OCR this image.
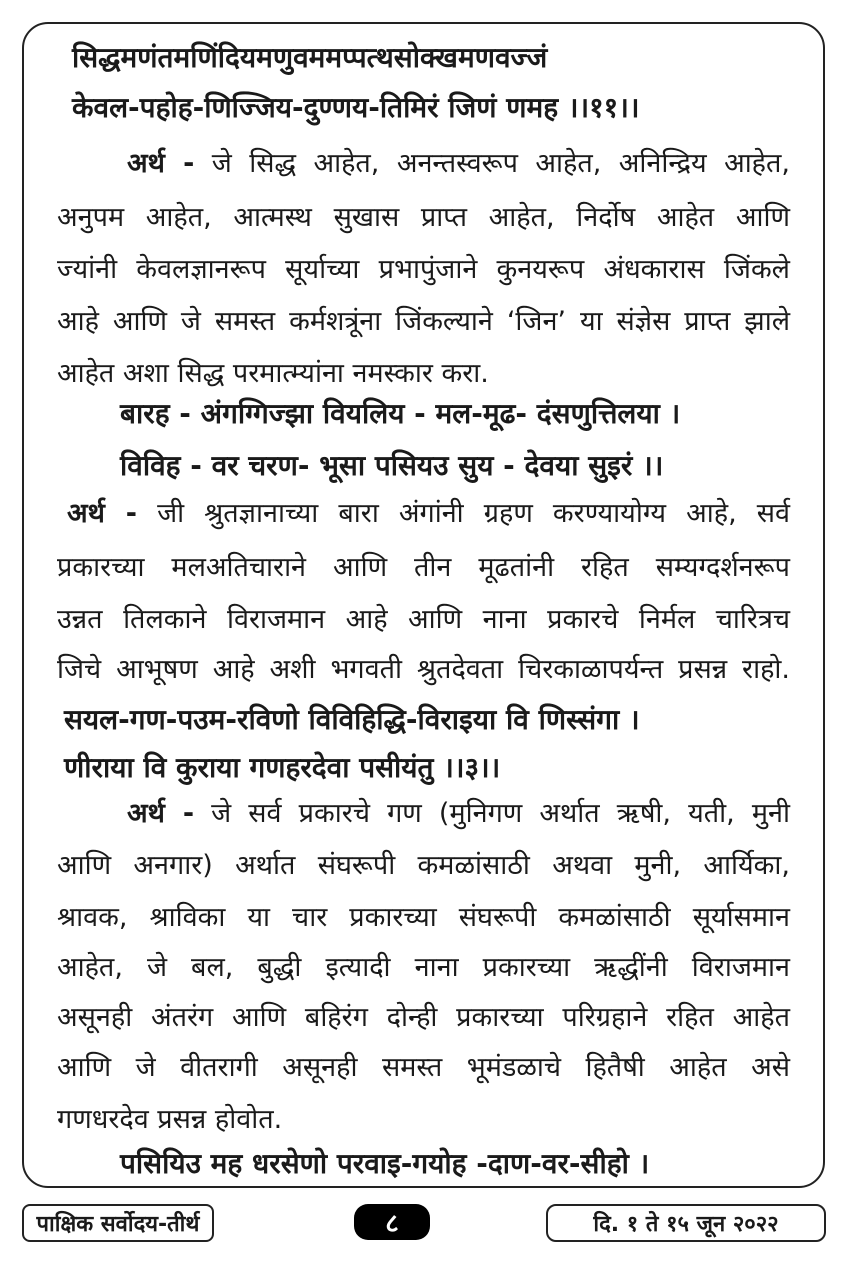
सिद्धमणंतमणिंदियमणुवममप्पत्थसोक्खमणवज्जं
केवल-पहोह-णिज्जिय-दुण्णय-तिमिरं जिणं णमह ।।११।।
अर्थ - जे सिद्ध आहेत, अनन्तस्वरूप आहेत, अनिन्द्रिय आहेत,
अनुपम आहेत, आत्मस्थ सुखास प्राप्त आहेत, निर्दोष आहेत आणि
ज्यांनी केवलज्ञानरूप सूर्याच्या प्रभापुंजाने कुनयरूप अंधकारास जिंकले
आहे आणि जे समस्त कर्मशत्रूंना जिंकल्याने ‘जिन’ या संज्ञेस प्राप्त झाले
आहेत अशा सिद्ध परमात्म्यांना नमस्कार करा.
बारह - अंगग्गिज्झा वियलिय - मल-मूढ- दंसणुत्तिलया ।
विविह - वर चरण- भूसा पसियउ सुय - देवया सुइरं ।।
अर्थ - जी श्रुतज्ञानाच्या बारा अंगांनी ग्रहण करण्यायोग्य आहे, सर्व
प्रकारच्या मलअतिचाराने आणि तीन मूढतांनी रहित सम्यग्दर्शनरूप
उन्नत तिलकाने विराजमान आहे आणि नाना प्रकारचे निर्मल चारित्रच
जिचे आभूषण आहे अशी भगवती श्रुतदेवता चिरकाळापर्यन्त प्रसन्न राहो.
सयल-गण-पउम-रविणो विविहिद्धि-विराइया वि णिस्संगा ।
णीराया वि कुराया गणहरदेवा पसीयंतु ।।३।।
अर्थ - जे सर्व प्रकारचे गण (मुनिगण अर्थात ऋषी, यती, मुनी
आणि अनगार) अर्थात संघरूपी कमळांसाठी अथवा मुनी, आर्यिका,
श्रावक, श्राविका या चार प्रकारच्या संघरूपी कमळांसाठी सूर्यासमान
आहेत, जे बल, बुद्धी इत्यादी नाना प्रकारच्या ऋद्धींनी विराजमान
असूनही अंतरंग आणि बहिरंग दोन्ही प्रकारच्या परिग्रहाने रहित आहेत
आणि जे वीतरागी असूनही समस्त भूमंडळाचे हितैषी आहेत असे
गणधरदेव प्रसन्न होवोत.
पसियिउ मह धरसेणो परवाइ-गयोह -दाण-वर-सीहो ।
पाक्षिक सर्वोदय-तीर्थ	८	दि. १ ते १५ जून २०२२
